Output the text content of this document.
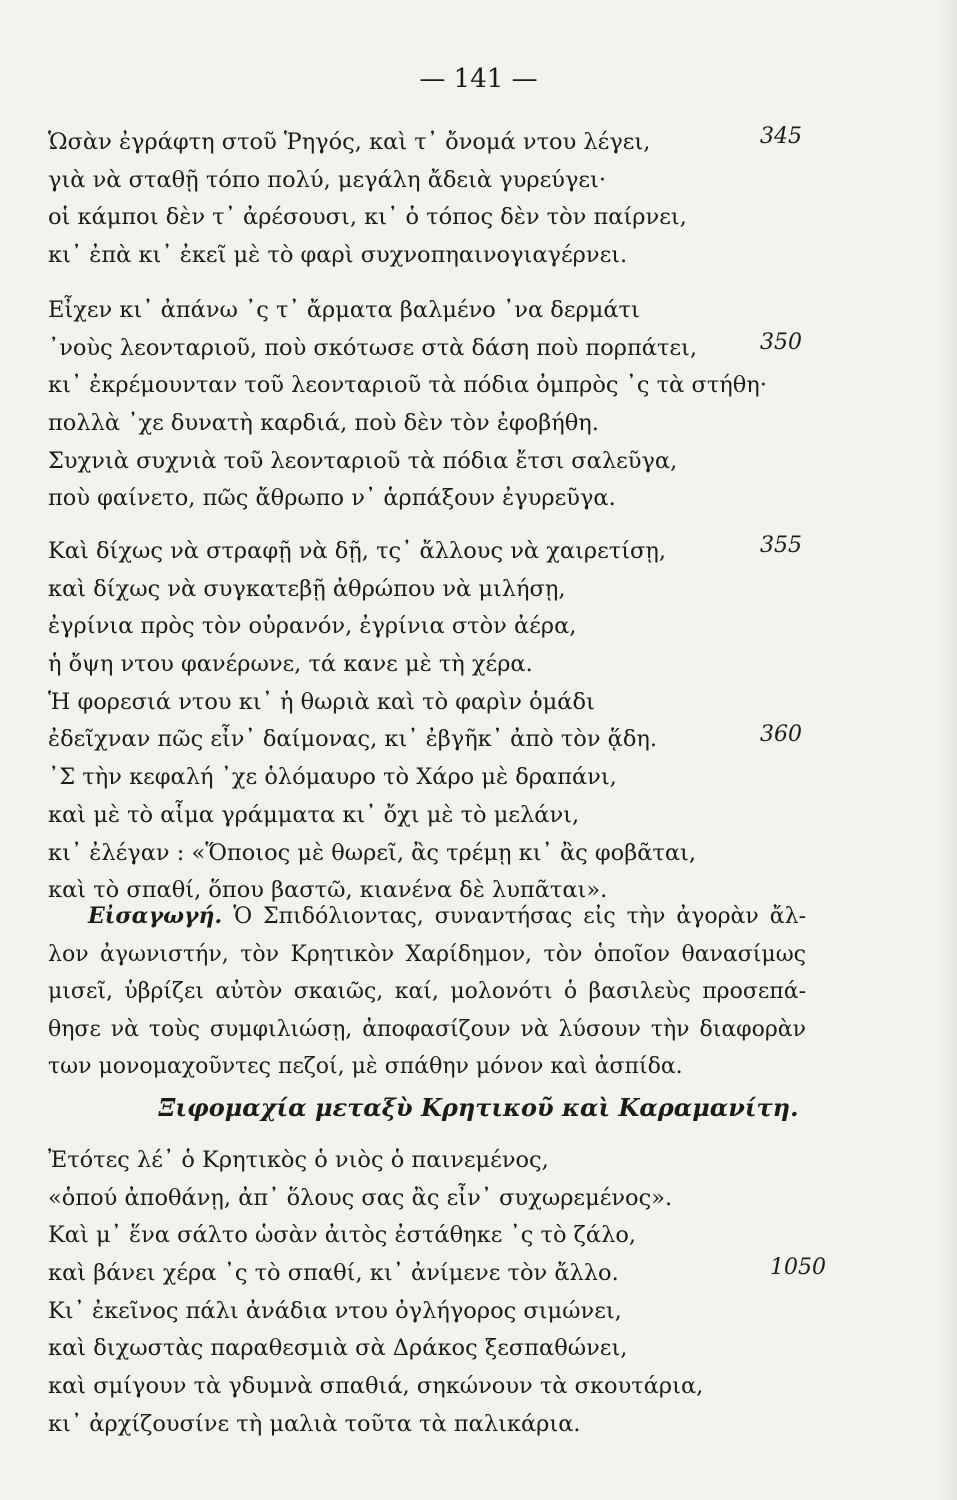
— 141 —
Ὡσὰν ἐγράφτη στοῦ Ῥηγός, καὶ τ᾽ ὄνομά ντου λέγει,
γιὰ νὰ σταθῇ τόπο πολύ, μεγάλη ἄδειὰ γυρεύγει·
οἱ κάμποι δὲν τ᾽ ἀρέσουσι, κι᾽ ὁ τόπος δὲν τὸν παίρνει,
κι᾽ ἐπὰ κι᾽ ἐκεῖ μὲ τὸ φαρὶ συχνοπηαινογιαγέρνει.
345
Εἶχεν κι᾽ ἀπάνω ᾽ς τ᾽ ἄρματα βαλμένο ᾽να δερμάτι
᾽νοὺς λεονταριοῦ, ποὺ σκότωσε στὰ δάση ποὺ πορπάτει,
κι᾽ ἐκρέμουνταν τοῦ λεονταριοῦ τὰ πόδια ὀμπρὸς ᾽ς τὰ στήθη·
πολλὰ ᾽χε δυνατὴ καρδιά, ποὺ δὲν τὸν ἐφοβήθη.
Συχνιὰ συχνιὰ τοῦ λεονταριοῦ τὰ πόδια ἔτσι σαλεῦγα,
ποὺ φαίνετο, πῶς ἄθρωπο ν᾽ ἁρπάξουν ἐγυρεῦγα.
350
Καὶ δίχως νὰ στραφῇ νὰ δῇ, τς᾽ ἄλλους νὰ χαιρετίσῃ,
καὶ δίχως νὰ συγκατεβῇ ἀθρώπου νὰ μιλήσῃ,
ἐγρίνια πρὸς τὸν οὐρανόν, ἐγρίνια στὸν ἀέρα,
ἡ ὄψη ντου φανέρωνε, τά κανε μὲ τὴ χέρα.
Ἡ φορεσιά ντου κι᾽ ἡ θωριὰ καὶ τὸ φαρὶν ὁμάδι
ἐδεῖχναν πῶς εἶν᾽ δαίμονας, κι᾽ ἐβγῆκ᾽ ἀπὸ τὸν ᾅδη.
᾽Σ τὴν κεφαλή ᾽χε ὁλόμαυρο τὸ Χάρο μὲ δραπάνι,
καὶ μὲ τὸ αἷμα γράμματα κι᾽ ὄχι μὲ τὸ μελάνι,
κι᾽ ἐλέγαν : «Ὅποιος μὲ θωρεῖ, ἂς τρέμῃ κι᾽ ἂς φοβᾶται,
καὶ τὸ σπαθί, ὅπου βαστῶ, κιανένα δὲ λυπᾶται».
355
360
Εἰσαγωγή. Ὁ Σπιδόλιοντας, συναντήσας εἰς τὴν ἀγορὰν ἄλ-
λον ἀγωνιστήν, τὸν Κρητικὸν Χαρίδημον, τὸν ὁποῖον θανασίμως
μισεῖ, ὑβρίζει αὐτὸν σκαιῶς, καί, μολονότι ὁ βασιλεὺς προσεπά-
θησε νὰ τοὺς συμφιλιώσῃ, ἀποφασίζουν νὰ λύσουν τὴν διαφορὰν
των μονομαχοῦντες πεζοί, μὲ σπάθην μόνον καὶ ἀσπίδα.
Ξιφομαχία μεταξὺ Κρητικοῦ καὶ Καραμανίτη.
Ἐτότες λέ᾽ ὁ Κρητικὸς ὁ νιὸς ὁ παινεμένος,
«ὁπού ἀποθάνῃ, ἀπ᾽ ὅλους σας ἂς εἶν᾽ συχωρεμένος».
Καὶ μ᾽ ἕνα σάλτο ὡσὰν ἀιτὸς ἐστάθηκε ᾽ς τὸ ζάλο,
καὶ βάνει χέρα ᾽ς τὸ σπαθί, κι᾽ ἀνίμενε τὸν ἄλλο.
Κι᾽ ἐκεῖνος πάλι ἀνάδια ντου ὀγλήγορος σιμώνει,
καὶ διχωστὰς παραθεσμιὰ σὰ Δράκος ξεσπαθώνει,
καὶ σμίγουν τὰ γδυμνὰ σπαθιά, σηκώνουν τὰ σκουτάρια,
κι᾽ ἀρχίζουσίνε τὴ μαλιὰ τοῦτα τὰ παλικάρια.
1050
